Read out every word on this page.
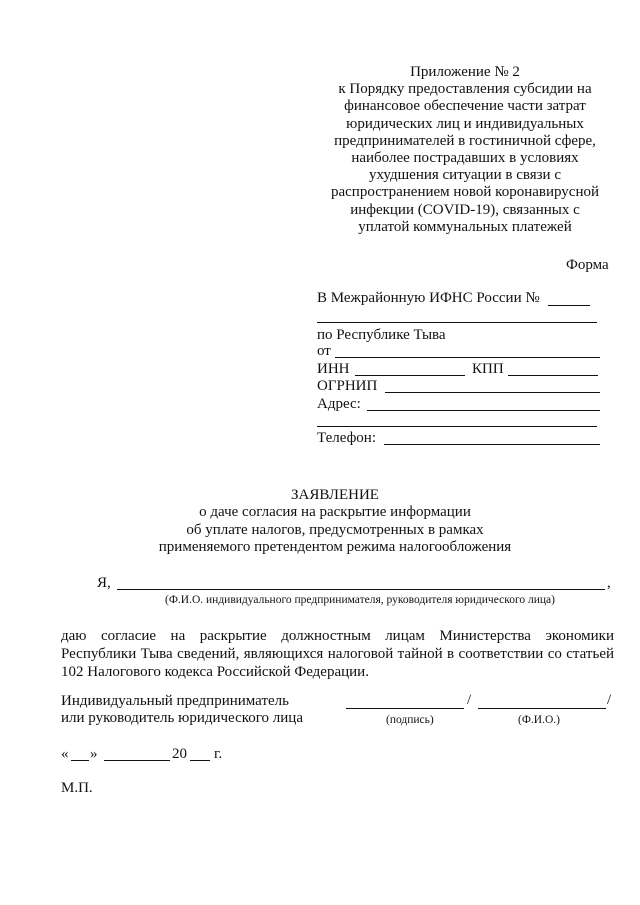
Приложение № 2
к Порядку предоставления субсидии на
финансовое обеспечение части затрат
юридических лиц и индивидуальных
предпринимателей в гостиничной сфере,
наиболее пострадавших в условиях
ухудшения ситуации в связи с
распространением новой коронавирусной
инфекции (COVID-19), связанных с
уплатой коммунальных платежей
Форма
В Межрайонную ИФНС России №
по Республике Тыва
от
ИНН	КПП
ОГРНИП
Адрес:
Телефон:
ЗАЯВЛЕНИЕ
о даче согласия на раскрытие информации
об уплате налогов, предусмотренных в рамках
применяемого претендентом режима налогообложения
Я,	,
(Ф.И.О. индивидуального предпринимателя, руководителя юридического лица)
даю согласие на раскрытие должностным лицам Министерства экономики Республики Тыва сведений, являющихся налоговой тайной в соответствии со статьей 102 Налогового кодекса Российской Федерации.
Индивидуальный предприниматель
или руководитель юридического лица
/	/
(подпись)	(Ф.И.О.)
« »	20 г.
М.П.
